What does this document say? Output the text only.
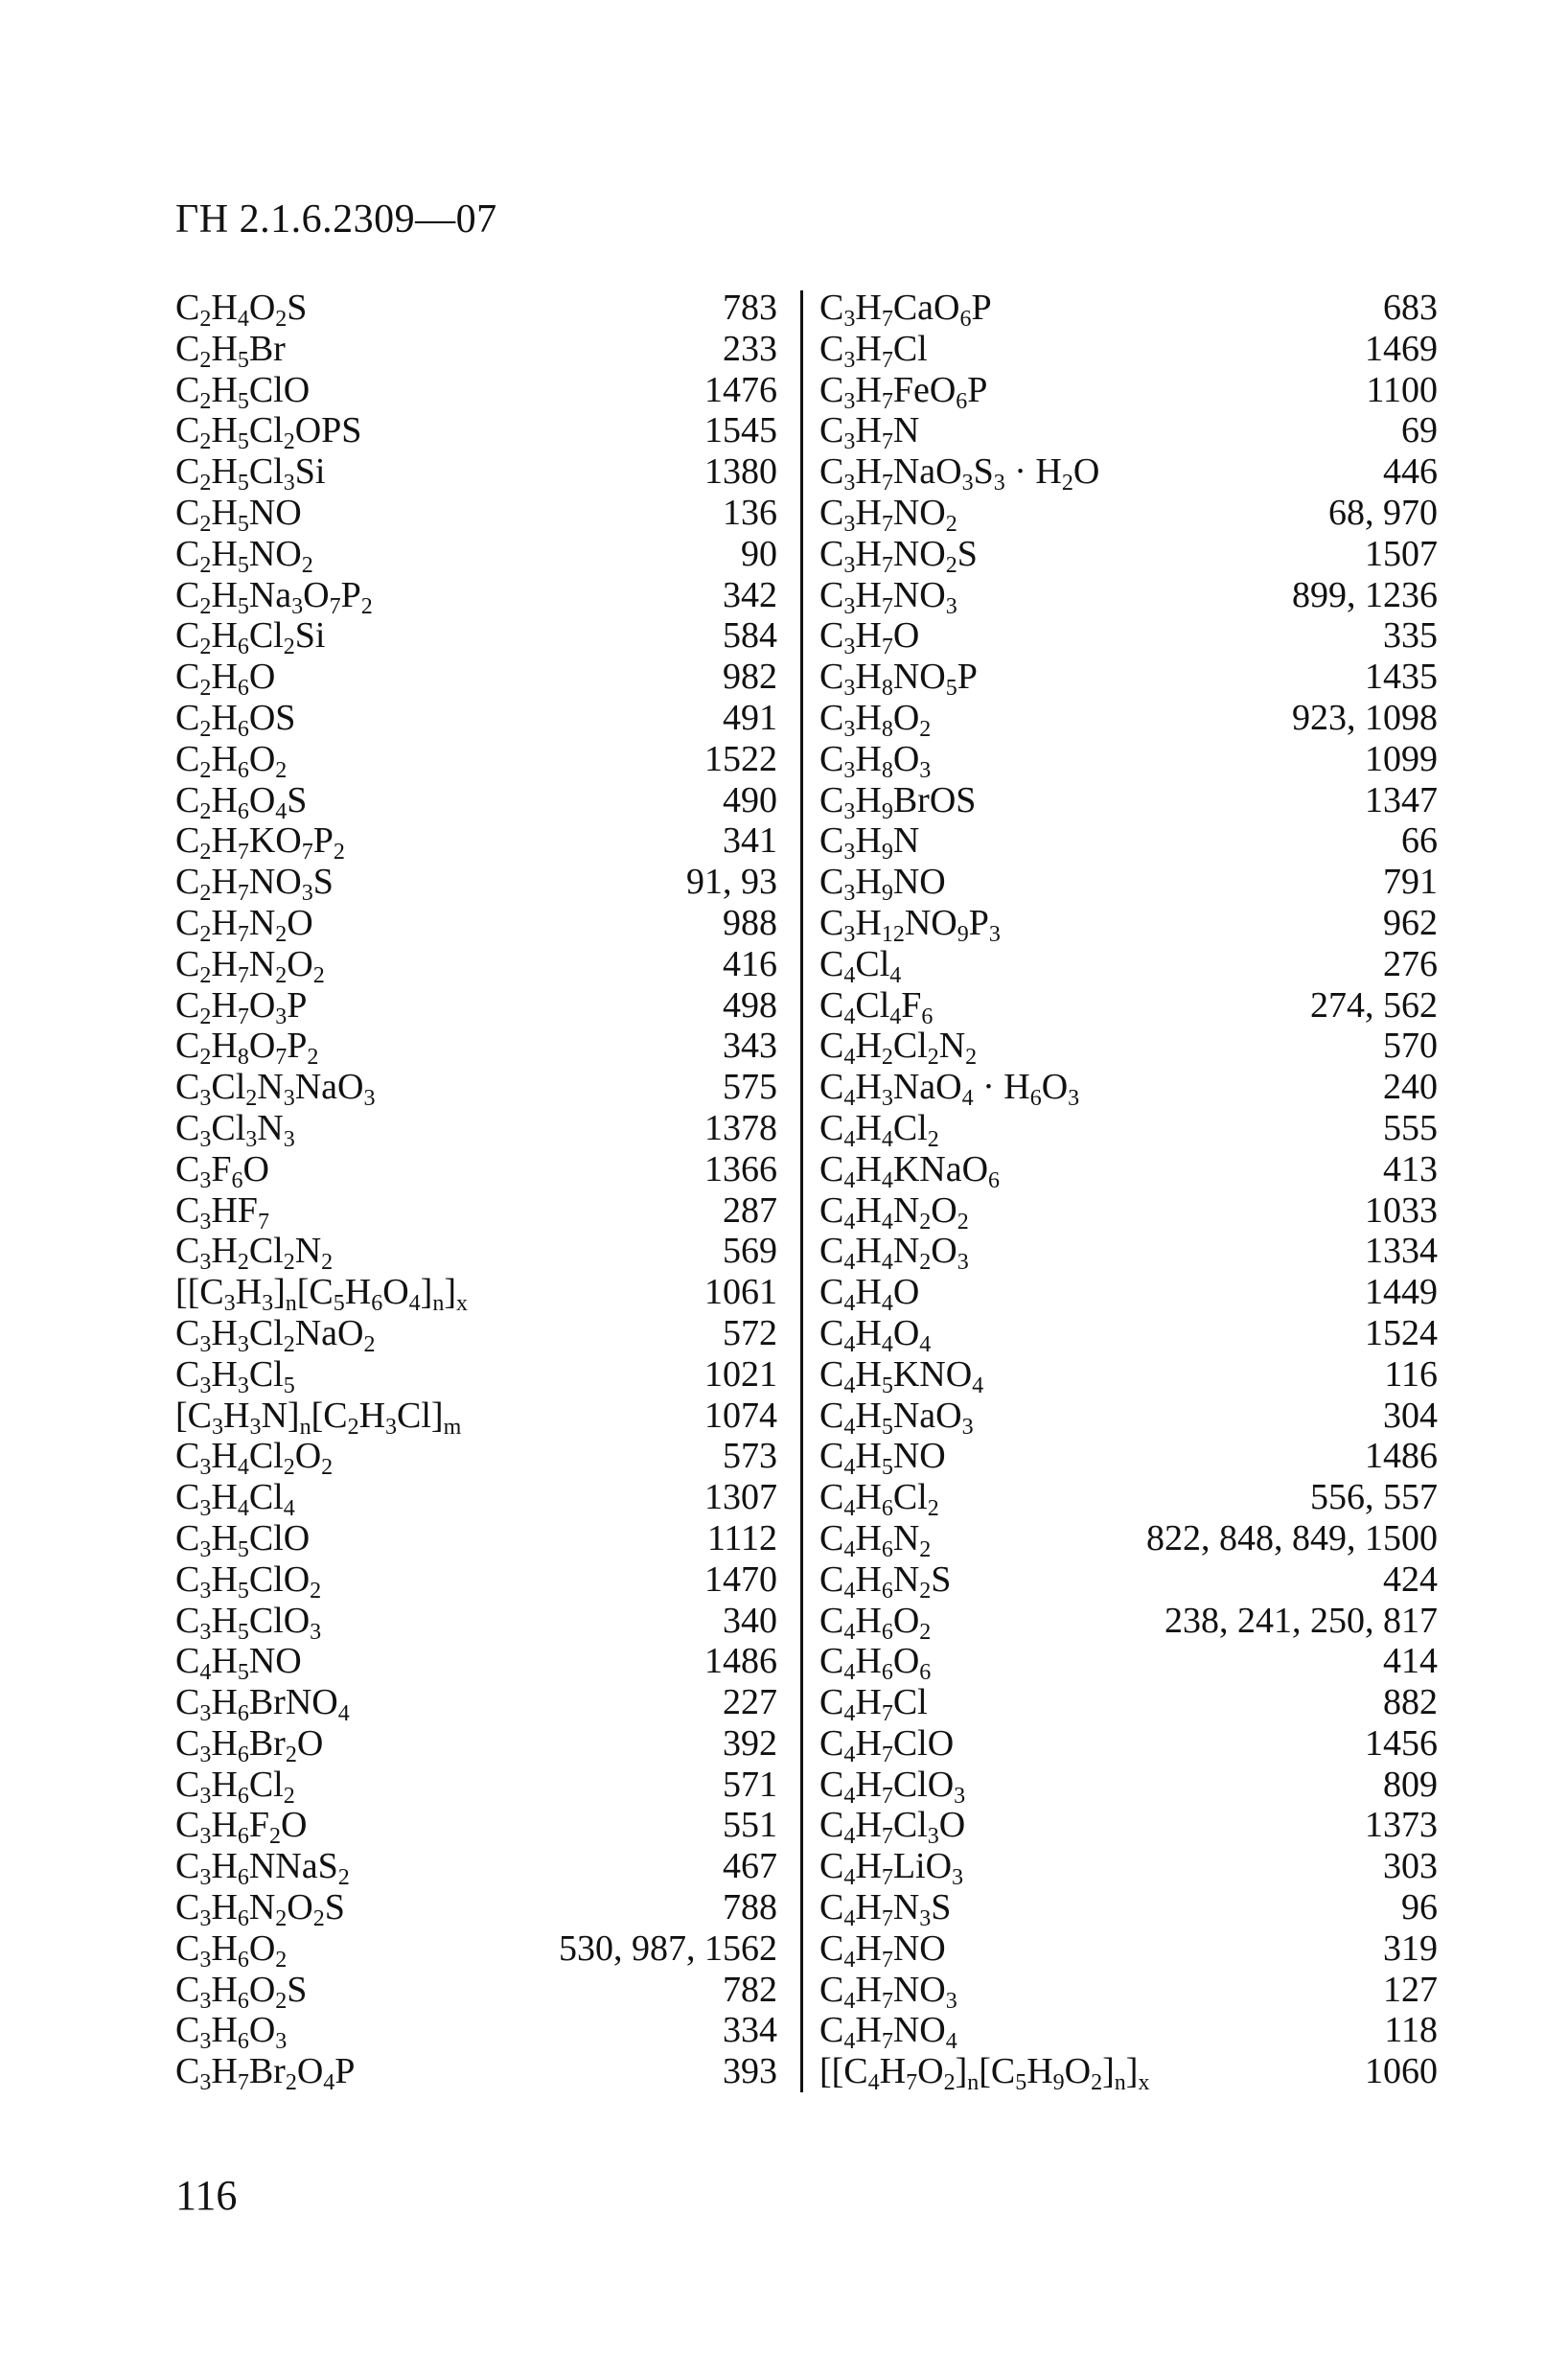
ГН 2.1.6.2309—07
$C_2H_4O_2S$	783
$C_2H_5Br$	233
$C_2H_5ClO$	1476
$C_2H_5Cl_2OPS$	1545
$C_2H_5Cl_3Si$	1380
$C_2H_5NO$	136
$C_2H_5NO_2$	90
$C_2H_5Na_3O_7P_2$	342
$C_2H_6Cl_2Si$	584
$C_2H_6O$	982
$C_2H_6OS$	491
$C_2H_6O_2$	1522
$C_2H_6O_4S$	490
$C_2H_7KO_7P_2$	341
$C_2H_7NO_3S$	91, 93
$C_2H_7N_2O$	988
$C_2H_7N_2O_2$	416
$C_2H_7O_3P$	498
$C_2H_8O_7P_2$	343
$C_3Cl_2N_3NaO_3$	575
$C_3Cl_3N_3$	1378
$C_3F_6O$	1366
$C_3HF_7$	287
$C_3H_2Cl_2N_2$	569
$[[C_3H_3]_n[C_5H_6O_4]_n]_x$	1061
$C_3H_3Cl_2NaO_2$	572
$C_3H_3Cl_5$	1021
$[C_3H_3N]_n[C_2H_3Cl]_m$	1074
$C_3H_4Cl_2O_2$	573
$C_3H_4Cl_4$	1307
$C_3H_5ClO$	1112
$C_3H_5ClO_2$	1470
$C_3H_5ClO_3$	340
$C_4H_5NO$	1486
$C_3H_6BrNO_4$	227
$C_3H_6Br_2O$	392
$C_3H_6Cl_2$	571
$C_3H_6F_2O$	551
$C_3H_6NNaS_2$	467
$C_3H_6N_2O_2S$	788
$C_3H_6O_2$	530, 987, 1562
$C_3H_6O_2S$	782
$C_3H_6O_3$	334
$C_3H_7Br_2O_4P$	393
$C_3H_7CaO_6P$	683
$C_3H_7Cl$	1469
$C_3H_7FeO_6P$	1100
$C_3H_7N$	69
$C_3H_7NaO_3S_3 \cdot H_2O$	446
$C_3H_7NO_2$	68, 970
$C_3H_7NO_2S$	1507
$C_3H_7NO_3$	899, 1236
$C_3H_7O$	335
$C_3H_8NO_5P$	1435
$C_3H_8O_2$	923, 1098
$C_3H_8O_3$	1099
$C_3H_9BrOS$	1347
$C_3H_9N$	66
$C_3H_9NO$	791
$C_3H_{12}NO_9P_3$	962
$C_4Cl_4$	276
$C_4Cl_4F_6$	274, 562
$C_4H_2Cl_2N_2$	570
$C_4H_3NaO_4 \cdot H_6O_3$	240
$C_4H_4Cl_2$	555
$C_4H_4KNaO_6$	413
$C_4H_4N_2O_2$	1033
$C_4H_4N_2O_3$	1334
$C_4H_4O$	1449
$C_4H_4O_4$	1524
$C_4H_5KNO_4$	116
$C_4H_5NaO_3$	304
$C_4H_5NO$	1486
$C_4H_6Cl_2$	556, 557
$C_4H_6N_2$	822, 848, 849, 1500
$C_4H_6N_2S$	424
$C_4H_6O_2$	238, 241, 250, 817
$C_4H_6O_6$	414
$C_4H_7Cl$	882
$C_4H_7ClO$	1456
$C_4H_7ClO_3$	809
$C_4H_7Cl_3O$	1373
$C_4H_7LiO_3$	303
$C_4H_7N_3S$	96
$C_4H_7NO$	319
$C_4H_7NO_3$	127
$C_4H_7NO_4$	118
$[[C_4H_7O_2]_n[C_5H_9O_2]_n]_x$	1060
116
